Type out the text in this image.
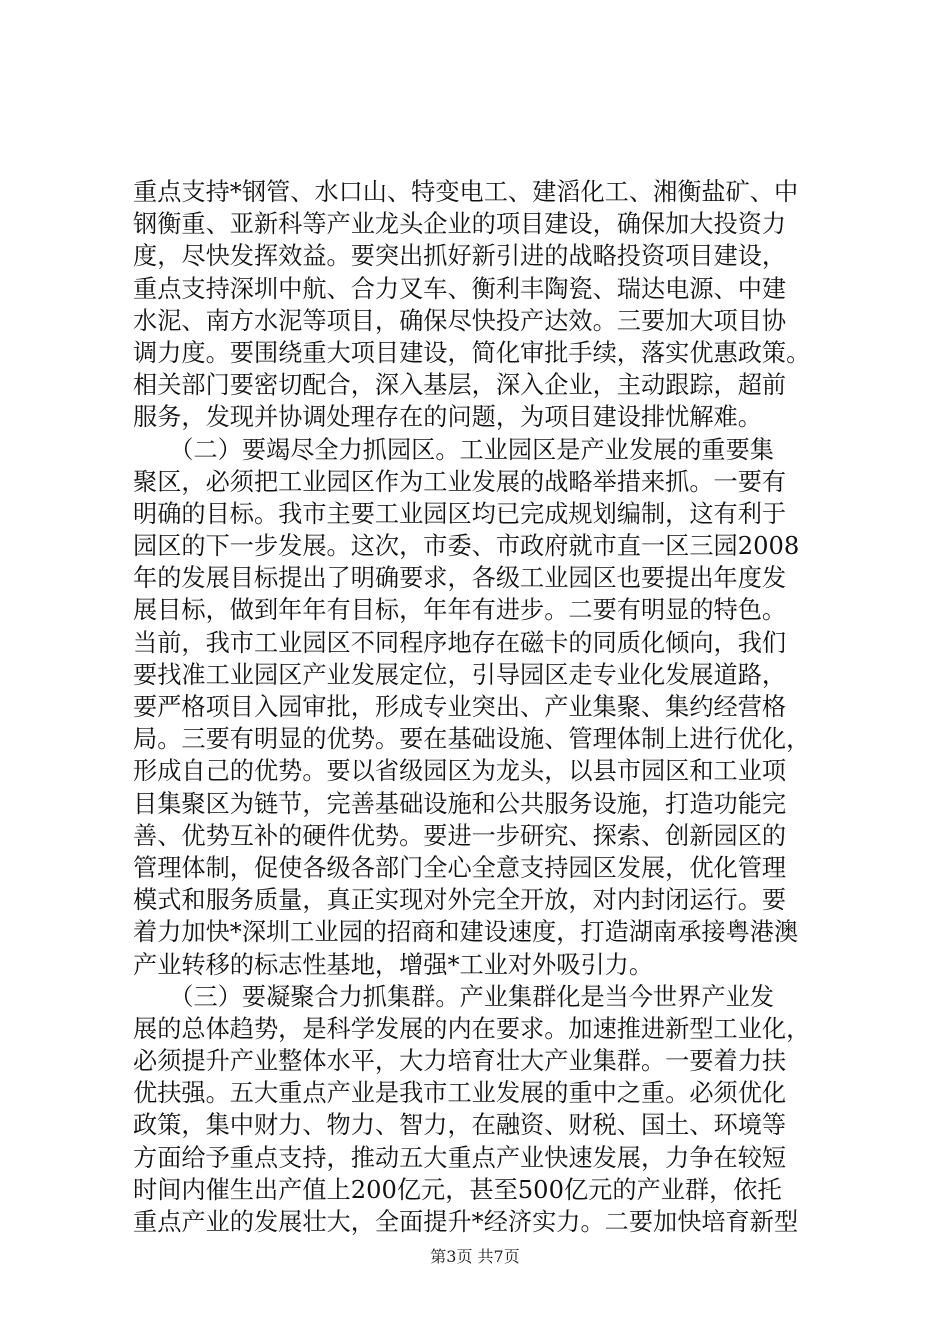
重点支持*钢管、水口山、特变电工、建滔化工、湘衡盐矿、中
钢衡重、亚新科等产业龙头企业的项目建设，确保加大投资力
度，尽快发挥效益。要突出抓好新引进的战略投资项目建设，
重点支持深圳中航、合力叉车、衡利丰陶瓷、瑞达电源、中建
水泥、南方水泥等项目，确保尽快投产达效。三要加大项目协
调力度。要围绕重大项目建设，简化审批手续，落实优惠政策。
相关部门要密切配合，深入基层，深入企业，主动跟踪，超前
服务，发现并协调处理存在的问题，为项目建设排忧解难。
　　（二）要竭尽全力抓园区。工业园区是产业发展的重要集
聚区，必须把工业园区作为工业发展的战略举措来抓。一要有
明确的目标。我市主要工业园区均已完成规划编制，这有利于
园区的下一步发展。这次，市委、市政府就市直一区三园2008
年的发展目标提出了明确要求，各级工业园区也要提出年度发
展目标，做到年年有目标，年年有进步。二要有明显的特色。
当前，我市工业园区不同程序地存在磁卡的同质化倾向，我们
要找准工业园区产业发展定位，引导园区走专业化发展道路，
要严格项目入园审批，形成专业突出、产业集聚、集约经营格
局。三要有明显的优势。要在基础设施、管理体制上进行优化，
形成自己的优势。要以省级园区为龙头，以县市园区和工业项
目集聚区为链节，完善基础设施和公共服务设施，打造功能完
善、优势互补的硬件优势。要进一步研究、探索、创新园区的
管理体制，促使各级各部门全心全意支持园区发展，优化管理
模式和服务质量，真正实现对外完全开放，对内封闭运行。要
着力加快*深圳工业园的招商和建设速度，打造湖南承接粤港澳
产业转移的标志性基地，增强*工业对外吸引力。
　　（三）要凝聚合力抓集群。产业集群化是当今世界产业发
展的总体趋势，是科学发展的内在要求。加速推进新型工业化，
必须提升产业整体水平，大力培育壮大产业集群。一要着力扶
优扶强。五大重点产业是我市工业发展的重中之重。必须优化
政策，集中财力、物力、智力，在融资、财税、国土、环境等
方面给予重点支持，推动五大重点产业快速发展，力争在较短
时间内催生出产值上200亿元，甚至500亿元的产业群，依托
重点产业的发展壮大，全面提升*经济实力。二要加快培育新型
第3页 共7页
